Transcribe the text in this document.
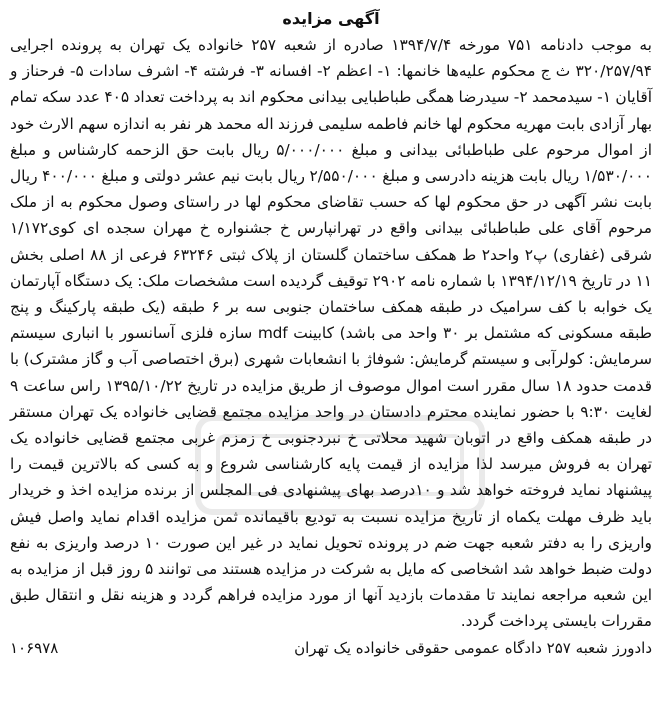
آگهی مزایده

به موجب دادنامه ۷۵۱ مورخه ۱۳۹۴/۷/۴ صادره از شعبه ۲۵۷ خانواده یک تهران به پرونده اجرایی ۳۲۰/۲۵۷/۹۴ ث ج محکوم علیه‌ها خانمها: ۱- اعظم ۲- افسانه ۳- فرشته ۴- اشرف سادات ۵- فرحناز و آقایان ۱- سیدمحمد ۲- سیدرضا همگی طباطبایی بیدانی محکوم اند به پرداخت تعداد ۴۰۵ عدد سکه تمام بهار آزادی بابت مهریه محکوم لها خانم فاطمه سلیمی فرزند اله محمد هر نفر به اندازه سهم الارث خود از اموال مرحوم علی طباطبائی بیدانی و مبلغ ۵/۰۰۰/۰۰۰ ریال بابت حق الزحمه کارشناس و مبلغ ۱/۵۳۰/۰۰۰ ریال بابت هزینه دادرسی و مبلغ ۲/۵۵۰/۰۰۰ ریال بابت نیم عشر دولتی و مبلغ ۴۰۰/۰۰۰ ریال بابت نشر آگهی در حق محکوم لها که حسب تقاضای محکوم لها در راستای وصول محکوم به از ملک مرحوم آقای علی طباطبائی بیدانی واقع در تهرانپارس خ جشنواره خ مهران سجده ای کوی۱/۱۷۲ شرقی (غفاری) پ۲ واحد۲ ط همکف ساختمان گلستان از پلاک ثبتی ۶۳۲۴۶ فرعی از ۸۸ اصلی بخش ۱۱ در تاریخ ۱۳۹۴/۱۲/۱۹ با شماره نامه ۲۹۰۲ توقیف گردیده است مشخصات ملک: یک دستگاه آپارتمان یک خوابه با کف سرامیک در طبقه همکف ساختمان جنوبی سه بر ۶ طبقه (یک طبقه پارکینگ و پنج طبقه مسکونی که مشتمل بر ۳۰ واحد می باشد) کابینت mdf سازه فلزی آسانسور با انباری سیستم سرمایش: کولرآبی و سیستم گرمایش: شوفاژ با انشعابات شهری (برق اختصاصی آب و گاز مشترک) با قدمت حدود ۱۸ سال مقرر است اموال موصوف از طریق مزایده در تاریخ ۱۳۹۵/۱۰/۲۲ راس ساعت ۹ لغایت ۹:۳۰ با حضور نماینده محترم دادستان در واحد مزایده مجتمع قضایی خانواده یک تهران مستقر در طبقه همکف واقع در اتوبان شهید محلاتی خ نبردجنوبی خ زمزم غربی مجتمع قضایی خانواده یک تهران به فروش میرسد لذا مزایده از قیمت پایه کارشناسی شروع و به کسی که بالاترین قیمت را پیشنهاد نماید فروخته خواهد شد و ۱۰درصد بهای پیشنهادی فی المجلس از برنده مزایده اخذ و خریدار باید ظرف مهلت یکماه از تاریخ مزایده نسبت به تودیع باقیمانده ثمن مزایده اقدام نماید واصل فیش واریزی را به دفتر شعبه جهت ضم در پرونده تحویل نماید در غیر این صورت ۱۰ درصد واریزی به نفع دولت ضبط خواهد شد اشخاصی که مایل به شرکت در مزایده هستند می توانند ۵ روز قبل از مزایده به این شعبه مراجعه نمایند تا مقدمات بازدید آنها از مورد مزایده فراهم گردد و هزینه نقل و انتقال طبق مقررات بایستی پرداخت گردد.

دادورز شعبه ۲۵۷ دادگاه عمومی حقوقی خانواده یک تهران
۱۰۶۹۷۸
